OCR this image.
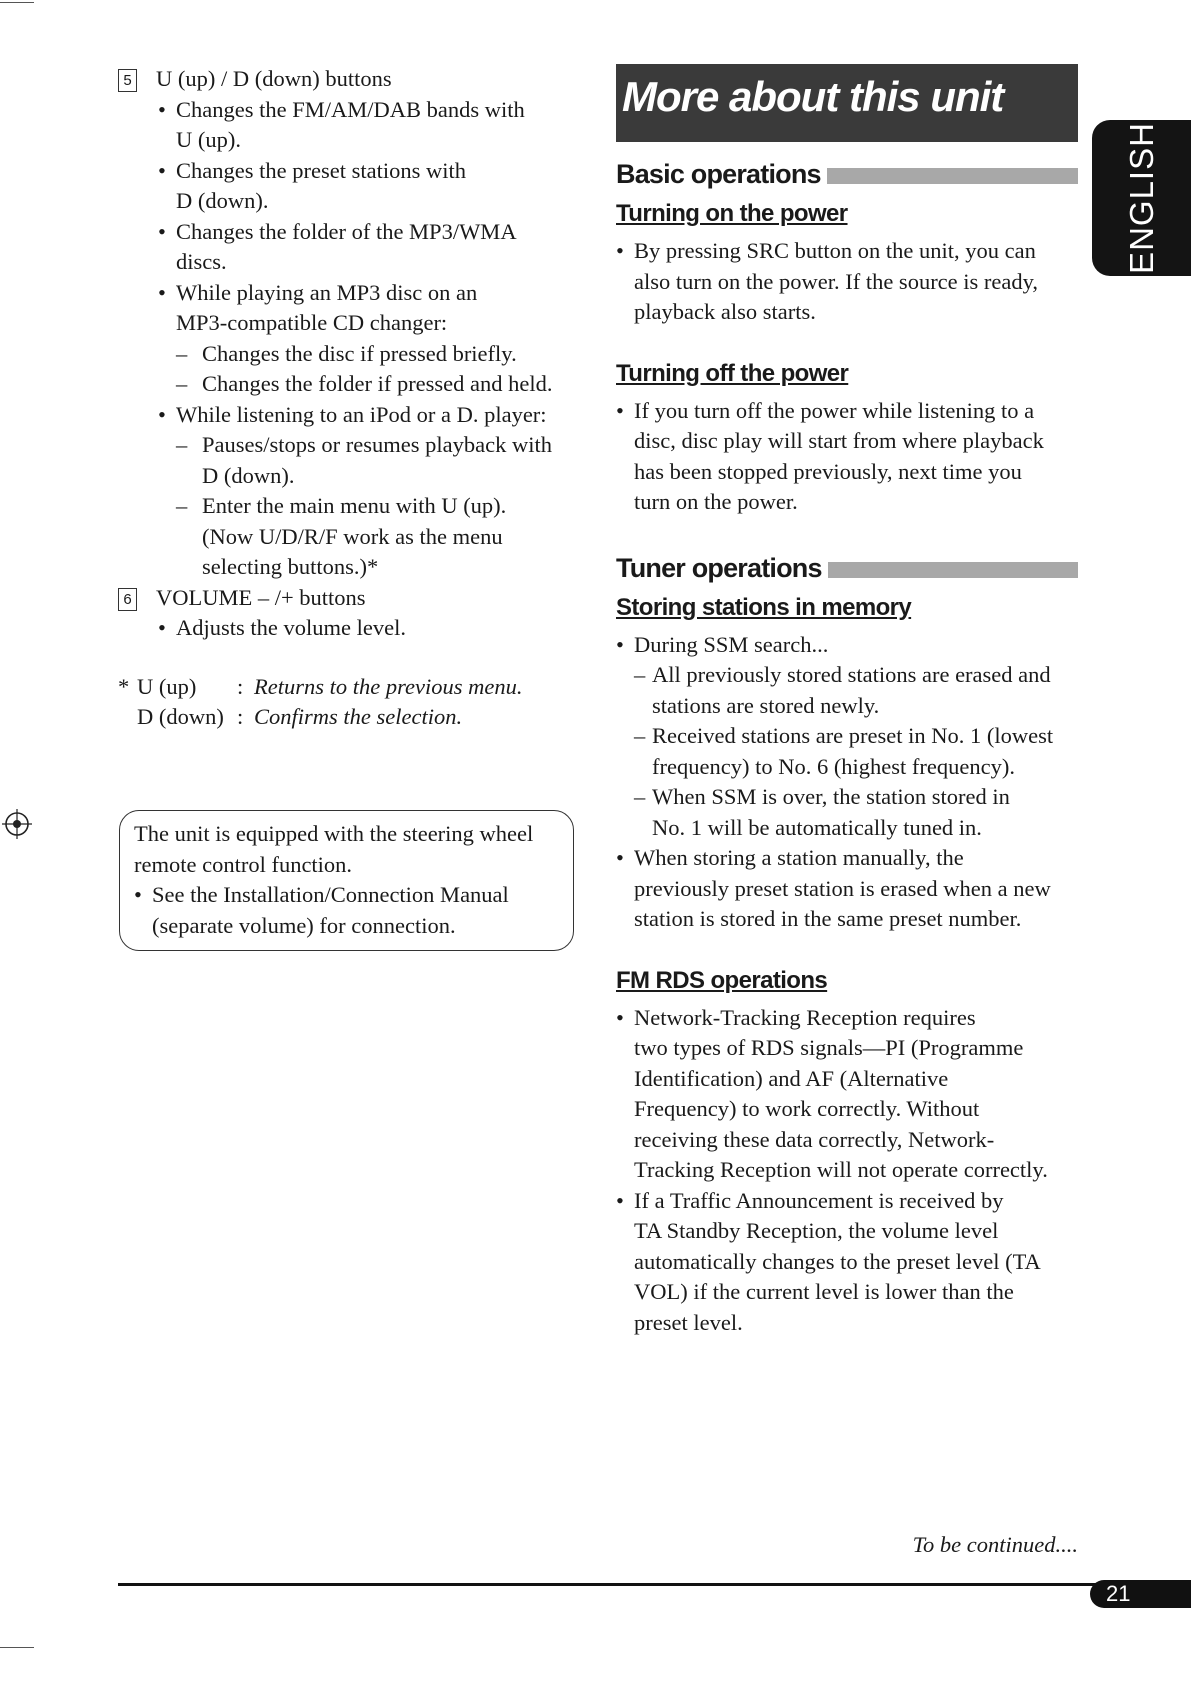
5 U (up) / D (down) buttons
• Changes the FM/AM/DAB bands with
U (up).
• Changes the preset stations with
D (down).
• Changes the folder of the MP3/WMA
discs.
• While playing an MP3 disc on an
MP3-compatible CD changer:
– Changes the disc if pressed briefly.
– Changes the folder if pressed and held.
• While listening to an iPod or a D. player:
– Pauses/stops or resumes playback with
D (down).
– Enter the main menu with U (up).
(Now U/D/R/F work as the menu
selecting buttons.)*
6 VOLUME – /+ buttons
• Adjusts the volume level.
* U (up)	: Returns to the previous menu.
D (down) : Confirms the selection.
The unit is equipped with the steering wheel
remote control function.
• See the Installation/Connection Manual
(separate volume) for connection.
More about this unit
Basic operations
Turning on the power
• By pressing SRC button on the unit, you can
also turn on the power. If the source is ready,
playback also starts.
Turning off the power
• If you turn off the power while listening to a
disc, disc play will start from where playback
has been stopped previously, next time you
turn on the power.
Tuner operations
Storing stations in memory
• During SSM search...
– All previously stored stations are erased and
stations are stored newly.
– Received stations are preset in No. 1 (lowest
frequency) to No. 6 (highest frequency).
– When SSM is over, the station stored in
No. 1 will be automatically tuned in.
• When storing a station manually, the
previously preset station is erased when a new
station is stored in the same preset number.
FM RDS operations
• Network-Tracking Reception requires
two types of RDS signals—PI (Programme
Identification) and AF (Alternative
Frequency) to work correctly. Without
receiving these data correctly, Network-
Tracking Reception will not operate correctly.
• If a Traffic Announcement is received by
TA Standby Reception, the volume level
automatically changes to the preset level (TA
VOL) if the current level is lower than the
preset level.
ENGLISH
To be continued....
21
